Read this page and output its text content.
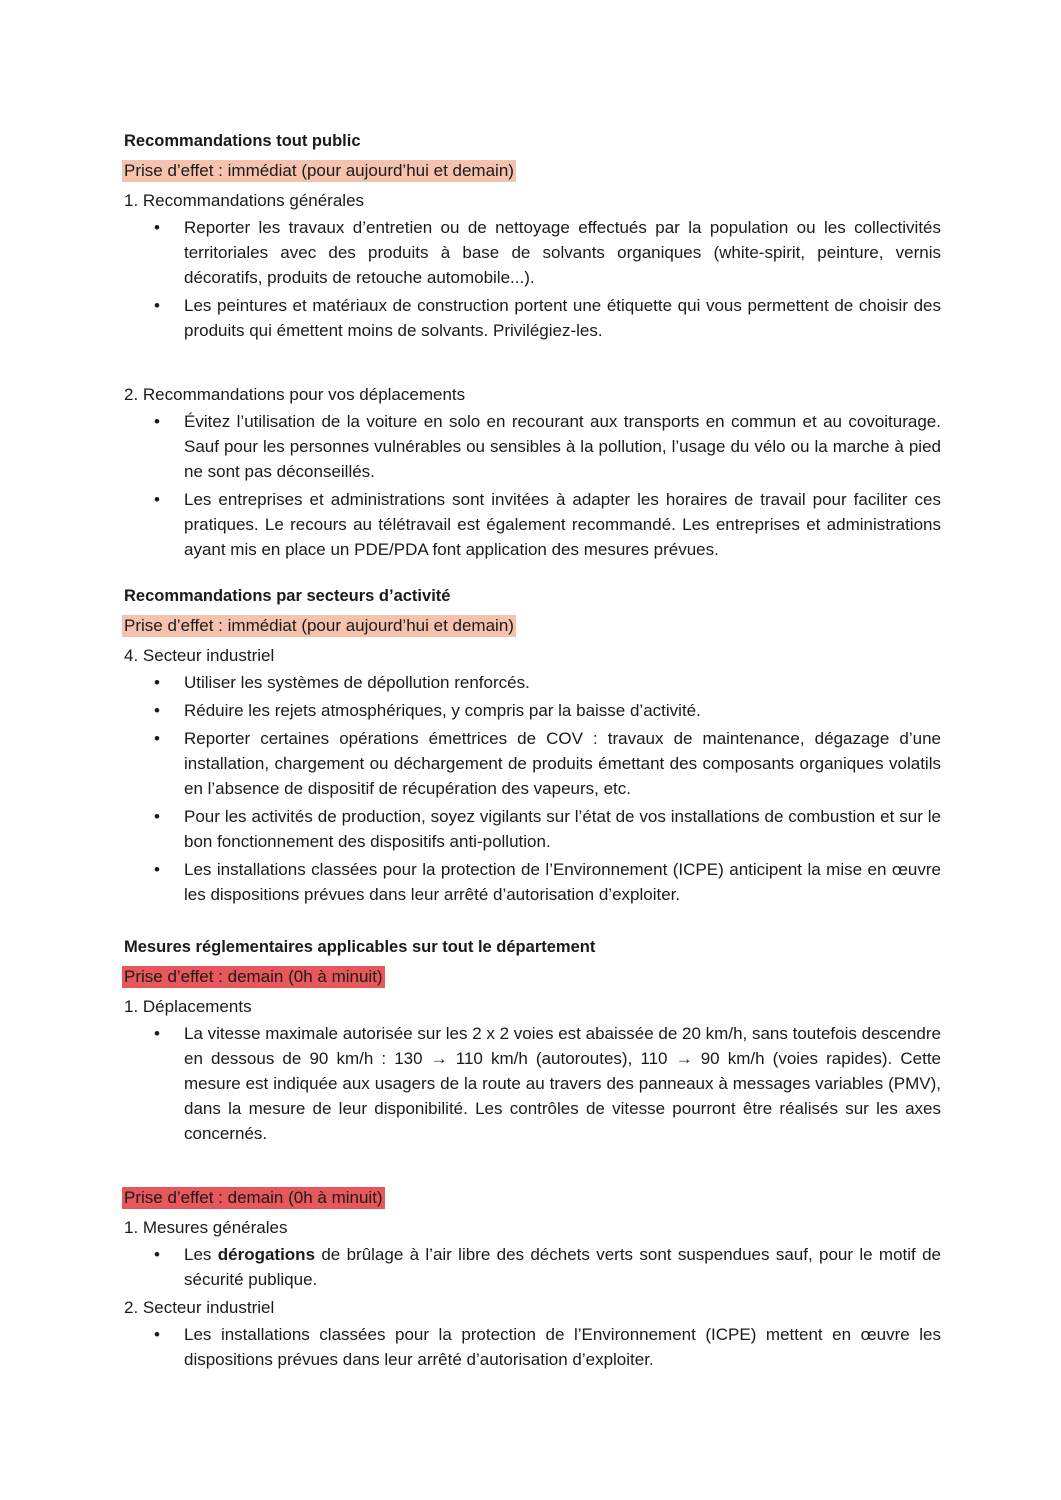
Recommandations tout public
Prise d’effet : immédiat (pour aujourd’hui et demain)
1. Recommandations générales
• Reporter les travaux d’entretien ou de nettoyage effectués par la population ou les collectivités territoriales avec des produits à base de solvants organiques (white-spirit, peinture, vernis décoratifs, produits de retouche automobile...).
• Les peintures et matériaux de construction portent une étiquette qui vous permettent de choisir des produits qui émettent moins de solvants. Privilégiez-les.
2. Recommandations pour vos déplacements
• Évitez l’utilisation de la voiture en solo en recourant aux transports en commun et au covoiturage. Sauf pour les personnes vulnérables ou sensibles à la pollution, l’usage du vélo ou la marche à pied ne sont pas déconseillés.
• Les entreprises et administrations sont invitées à adapter les horaires de travail pour faciliter ces pratiques. Le recours au télétravail est également recommandé. Les entreprises et administrations ayant mis en place un PDE/PDA font application des mesures prévues.
Recommandations par secteurs d’activité
Prise d’effet : immédiat (pour aujourd’hui et demain)
4. Secteur industriel
• Utiliser les systèmes de dépollution renforcés.
• Réduire les rejets atmosphériques, y compris par la baisse d’activité.
• Reporter certaines opérations émettrices de COV : travaux de maintenance, dégazage d’une installation, chargement ou déchargement de produits émettant des composants organiques volatils en l’absence de dispositif de récupération des vapeurs, etc.
• Pour les activités de production, soyez vigilants sur l’état de vos installations de combustion et sur le bon fonctionnement des dispositifs anti-pollution.
• Les installations classées pour la protection de l’Environnement (ICPE) anticipent la mise en œuvre les dispositions prévues dans leur arrêté d’autorisation d’exploiter.
Mesures réglementaires applicables sur tout le département
Prise d’effet : demain (0h à minuit)
1. Déplacements
• La vitesse maximale autorisée sur les 2 x 2 voies est abaissée de 20 km/h, sans toutefois descendre en dessous de 90 km/h : 130 → 110 km/h (autoroutes), 110 → 90 km/h (voies rapides). Cette mesure est indiquée aux usagers de la route au travers des panneaux à messages variables (PMV), dans la mesure de leur disponibilité. Les contrôles de vitesse pourront être réalisés sur les axes concernés.
Prise d’effet : demain (0h à minuit)
1. Mesures générales
• Les dérogations de brûlage à l’air libre des déchets verts sont suspendues sauf, pour le motif de sécurité publique.
2. Secteur industriel
• Les installations classées pour la protection de l’Environnement (ICPE) mettent en œuvre les dispositions prévues dans leur arrêté d’autorisation d’exploiter.
